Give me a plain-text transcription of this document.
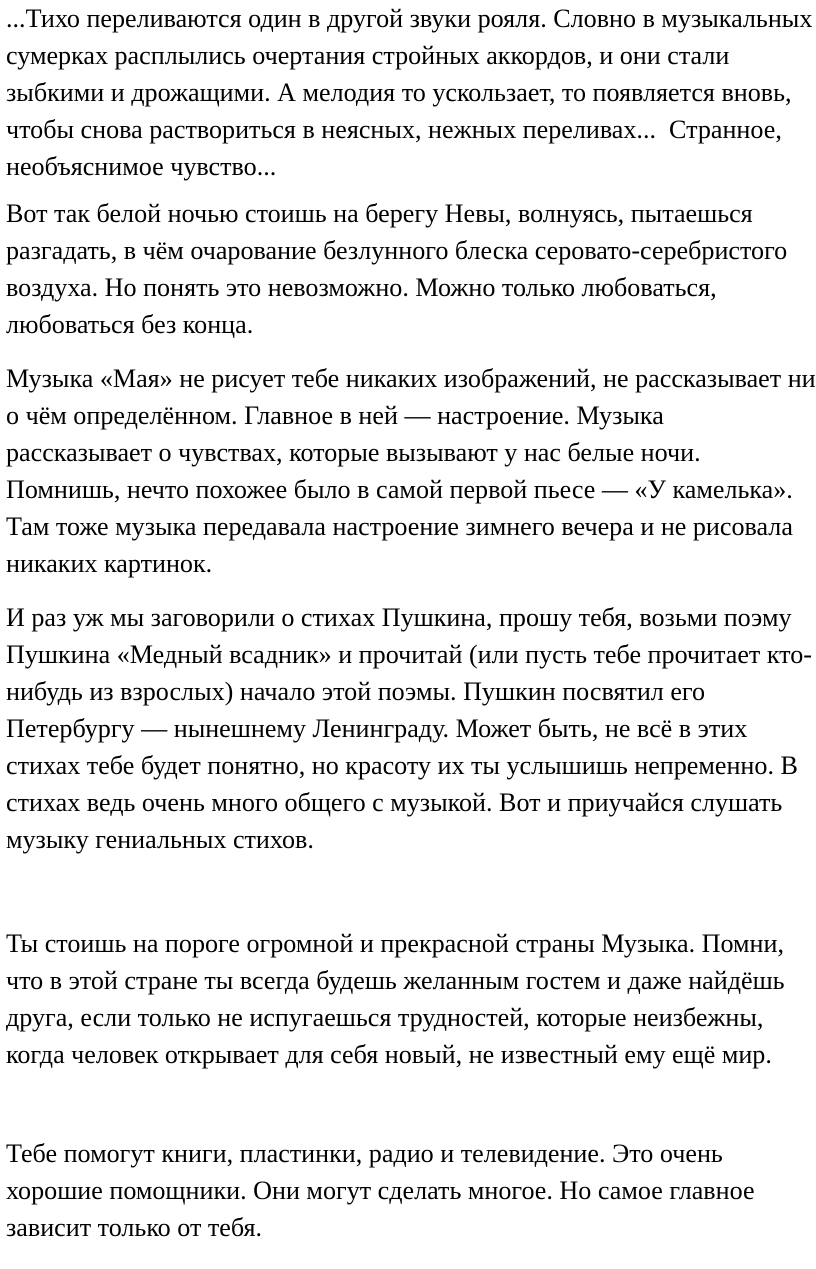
...Тихо переливаются один в другой звуки рояля. Словно в музыкальных сумерках расплылись очертания стройных аккордов, и они стали зыбкими и дрожащими. А мелодия то ускользает, то появляется вновь, чтобы снова раствориться в неясных, нежных переливах...  Странное, необъяснимое чувство...

Вот так белой ночью стоишь на берегу Невы, волнуясь, пытаешься разгадать, в чём очарование безлунного блеска серовато-серебристого воздуха. Но понять это невозможно. Можно только любоваться, любоваться без конца.

Музыка «Мая» не рисует тебе никаких изображений, не рассказывает ни о чём определённом. Главное в ней — настроение. Музыка рассказывает о чувствах, которые вызывают у нас белые ночи. Помнишь, нечто похожее было в самой первой пьесе — «У камелька». Там тоже музыка передавала настроение зимнего вечера и не рисовала никаких картинок.

И раз уж мы заговорили о стихах Пушкина, прошу тебя, возьми поэму Пушкина «Медный всадник» и прочитай (или пусть тебе прочитает кто-нибудь из взрослых) начало этой поэмы. Пушкин посвятил его Петербургу — нынешнему Ленинграду. Может быть, не всё в этих стихах тебе будет понятно, но красоту их ты услышишь непременно. В стихах ведь очень много общего с музыкой. Вот и приучайся слушать музыку гениальных стихов.

Ты стоишь на пороге огромной и прекрасной страны Музыка. Помни, что в этой стране ты всегда будешь желанным гостем и даже найдёшь друга, если только не испугаешься трудностей, которые неизбежны, когда человек открывает для себя новый, не известный ему ещё мир.

Тебе помогут книги, пластинки, радио и телевидение. Это очень хорошие помощники. Они могут сделать многое. Но самое главное зависит только от тебя.
